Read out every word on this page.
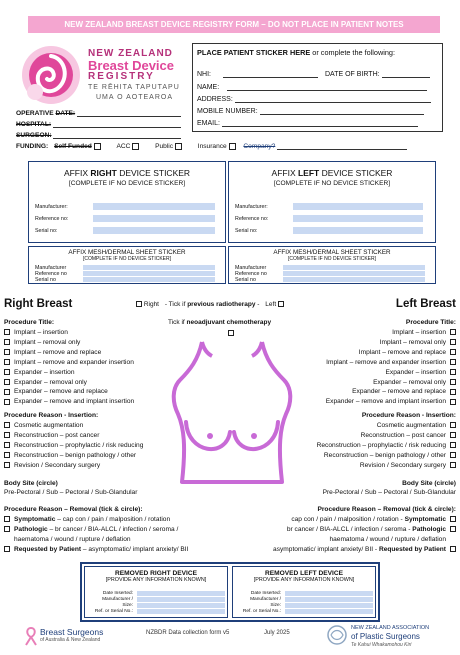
NEW ZEALAND BREAST DEVICE REGISTRY FORM – DO NOT PLACE IN PATIENT NOTES
NEW ZEALAND
Breast Device
REGISTRY
TE RĒHITA TAPUTAPU
UMA O AOTEAROA
PLACE PATIENT STICKER HERE or complete the following:
NHI:	DATE OF BIRTH:
NAME:
ADDRESS:
MOBILE NUMBER:
EMAIL:
OPERATIVE DATE:
HOSPITAL:
SURGEON:
FUNDING: Self Funded	ACC	Public	Insurance	Company?
AFFIX RIGHT DEVICE STICKER
[COMPLETE IF NO DEVICE STICKER]
Manufacturer:
Reference no:
Serial no:
AFFIX LEFT DEVICE STICKER
[COMPLETE IF NO DEVICE STICKER]
Manufacturer:
Reference no:
Serial no:
AFFIX MESH/DERMAL SHEET STICKER
[COMPLETE IF NO DEVICE STICKER]
Manufacturer
Reference no
Serial no
AFFIX MESH/DERMAL SHEET STICKER
[COMPLETE IF NO DEVICE STICKER]
Manufacturer
Reference no
Serial no
Right Breast	Left Breast
Right - Tick if previous radiotherapy - Left
Tick if neoadjuvant chemotherapy
Procedure Title:
Implant – insertion
Implant – removal only
Implant – remove and replace
Implant – remove and expander insertion
Expander – insertion
Expander – removal only
Expander – remove and replace
Expander – remove and implant insertion
Procedure Title:
Implant – insertion
Implant – removal only
Implant – remove and replace
Implant – remove and expander insertion
Expander – insertion
Expander – removal only
Expander – remove and replace
Expander – remove and implant insertion
Procedure Reason - Insertion:
Cosmetic augmentation
Reconstruction – post cancer
Reconstruction – prophylactic / risk reducing
Reconstruction – benign pathology / other
Revision / Secondary surgery
Procedure Reason - Insertion:
Cosmetic augmentation
Reconstruction – post cancer
Reconstruction – prophylactic / risk reducing
Reconstruction – benign pathology / other
Revision / Secondary surgery
Body Site (circle)
Pre-Pectoral / Sub – Pectoral / Sub-Glandular
Body Site (circle)
Pre-Pectoral / Sub – Pectoral / Sub-Glandular
Procedure Reason – Removal (tick & circle):
Symptomatic – cap con / pain / malposition / rotation
Pathologic – br cancer / BIA-ALCL / infection / seroma /
haematoma / wound / rupture / deflation
Requested by Patient – asymptomatic/ implant anxiety/ BII
Procedure Reason – Removal (tick & circle):
cap con / pain / malposition / rotation - Symptomatic
br cancer / BIA-ALCL / infection / seroma - Pathologic
haematoma / wound / rupture / deflation
asymptomatic/ implant anxiety/ BII - Requested by Patient
REMOVED RIGHT DEVICE
[PROVIDE ANY INFORMATION KNOWN]
Date Inserted:
Manufacturer /
Size:
Ref. or Serial No.:
REMOVED LEFT DEVICE
[PROVIDE ANY INFORMATION KNOWN]
Date Inserted:
Manufacturer /
Size:
Ref. or Serial No.:
Breast Surgeons
of Australia & New Zealand
NZBDR Data collection form v5	July 2025
NEW ZEALAND ASSOCIATION
of Plastic Surgeons
Te Kahui Whakamohou Kiri
